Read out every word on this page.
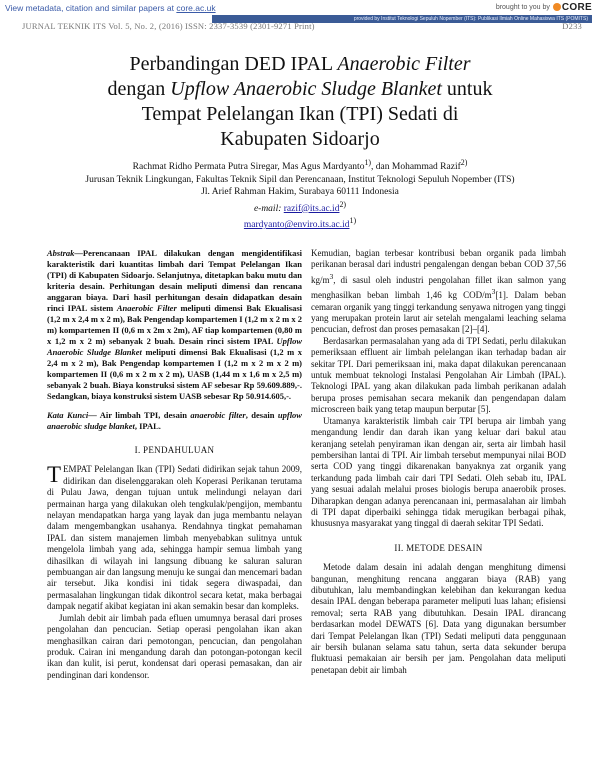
View metadata, citation and similar papers at core.ac.uk	brought to you by	CORE
provided by Institut Teknologi Sepuluh Nopember (ITS): Publikasi Ilmiah Online Mahasiswa ITS (POMITS)
JURNAL TEKNIK ITS Vol. 5, No. 2, (2016) ISSN: 2337-3539 (2301-9271 Print)	D233
Perbandingan DED IPAL Anaerobic Filter
dengan Upflow Anaerobic Sludge Blanket untuk
Tempat Pelelangan Ikan (TPI) Sedati di
Kabupaten Sidoarjo
Rachmat Ridho Permata Putra Siregar, Mas Agus Mardyanto$^{1)}$, dan Mohammad Razif$^{2)}$
Jurusan Teknik Lingkungan, Fakultas Teknik Sipil dan Perencanaan, Institut Teknologi Sepuluh Nopember (ITS)
Jl. Arief Rahman Hakim, Surabaya 60111 Indonesia
e-mail: $razif@its.ac.id^{2)}$
$mardyanto@enviro.its.ac.id^{1)}$
Abstrak—Perencanaan IPAL dilakukan dengan mengidentifikasi karakteristik dari kuantitas limbah dari Tempat Pelelangan Ikan (TPI) di Kabupaten Sidoarjo. Selanjutnya, ditetapkan baku mutu dan kriteria desain. Perhitungan desain meliputi dimensi dan rencana anggaran biaya. Dari hasil perhitungan desain didapatkan desain rinci IPAL sistem Anaerobic Filter meliputi dimensi Bak Ekualisasi (1,2 m x 2,4 m x 2 m), Bak Pengendap kompartemen I (1,2 m x 2 m x 2 m) kompartemen II (0,6 m x 2m x 2m), AF tiap kompartemen (0,80 m x 1,2 m x 2 m) sebanyak 2 buah. Desain rinci sistem IPAL Upflow Anaerobic Sludge Blanket meliputi dimensi Bak Ekualisasi (1,2 m x 2,4 m x 2 m), Bak Pengendap kompartemen I (1,2 m x 2 m x 2 m) kompartemen II (0,6 m x 2 m x 2 m), UASB (1,44 m x 1,6 m x 2,5 m) sebanyak 2 buah. Biaya konstruksi sistem AF sebesar Rp 59.609.889,-. Sedangkan, biaya konstruksi sistem UASB sebesar Rp 50.914.605,-.
Kata Kunci— Air limbah TPI, desain anaerobic filter, desain upflow anaerobic sludge blanket, IPAL.
I. PENDAHULUAN

TEMPAT Pelelangan Ikan (TPI) Sedati didirikan sejak tahun 2009, didirikan dan diselenggarakan oleh Koperasi Perikanan terutama di Pulau Jawa, dengan tujuan untuk melindungi nelayan dari permainan harga yang dilakukan oleh tengkulak/pengijon, membantu nelayan mendapatkan harga yang layak dan juga membantu nelayan dalam mengembangkan usahanya. Rendahnya tingkat pemahaman IPAL dan sistem manajemen limbah menyebabkan sulitnya untuk mengelola limbah yang ada, sehingga hampir semua limbah yang dihasilkan di wilayah ini langsung dibuang ke saluran saluran pembuangan air dan langsung menuju ke sungai dan mencemari badan air tersebut. Jika kondisi ini tidak segera diwaspadai, dan permasalahan lingkungan tidak dikontrol secara ketat, maka berbagai dampak negatif akibat kegiatan ini akan semakin besar dan kompleks.

Jumlah debit air limbah pada efluen umumnya berasal dari proses pengolahan dan pencucian. Setiap operasi pengolahan ikan akan menghasilkan cairan dari pemotongan, pencucian, dan pengolahan produk. Cairan ini mengandung darah dan potongan-potongan kecil ikan dan kulit, isi perut, kondensat dari operasi pemasakan, dan air pendinginan dari kondensor.

Kemudian, bagian terbesar kontribusi beban organik pada limbah perikanan berasal dari industri pengalengan dengan beban COD 37,56 $kg/m^3$, di sasul oleh industri pengolahan fillet ikan salmon yang menghasilkan beban limbah 1,46 kg COD/$m^3[1]$. Dalam beban cemaran organik yang tinggi terkandung senyawa nitrogen yang tinggi yang merupakan protein larut air setelah mengalami leaching selama pencucian, defrost dan proses pemasakan [2]–[4].

Berdasarkan permasalahan yang ada di TPI Sedati, perlu dilakukan pemeriksaan effluent air limbah pelelangan ikan terhadap badan air sekitar TPI. Dari pemeriksaan ini, maka dapat dilakukan perencanaan untuk membuat teknologi Instalasi Pengolahan Air Limbah (IPAL). Teknologi IPAL yang akan dilakukan pada limbah perikanan adalah berupa proses pemisahan secara mekanik dan pengendapan dalam microscreen baik yang tetap maupun berputar [5].

Utamanya karakteristik limbah cair TPI berupa air limbah yang mengandung lendir dan darah ikan yang keluar dari bakul atau keranjang setelah penyiraman ikan dengan air, serta air limbah hasil pembersihan lantai di TPI. Air limbah tersebut mempunyai nilai BOD serta COD yang tinggi dikarenakan banyaknya zat organik yang terkandung pada limbah cair dari TPI Sedati. Oleh sebab itu, IPAL yang sesuai adalah melalui proses biologis berupa anaerobik proses. Diharapkan dengan adanya perencanaan ini, permasalahan air limbah di TPI dapat diperbaiki sehingga tidak merugikan berbagai pihak, khususnya masyarakat yang tinggal di daerah sekitar TPI Sedati.

II. METODE DESAIN

Metode dalam desain ini adalah dengan menghitung dimensi bangunan, menghitung rencana anggaran biaya (RAB) yang dibutuhkan, lalu membandingkan kelebihan dan kekurangan kedua desain IPAL dengan beberapa parameter meliputi luas lahan; efisiensi removal; serta RAB yang dibutuhkan. Desain IPAL dirancang berdasarkan model DEWATS [6]. Data yang digunakan bersumber dari Tempat Pelelangan Ikan (TPI) Sedati meliputi data penggunaan air bersih bulanan selama satu tahun, serta data sekunder berupa fluktuasi pemakaian air bersih per jam. Pengolahan data meliputi penetapan debit air limbah
